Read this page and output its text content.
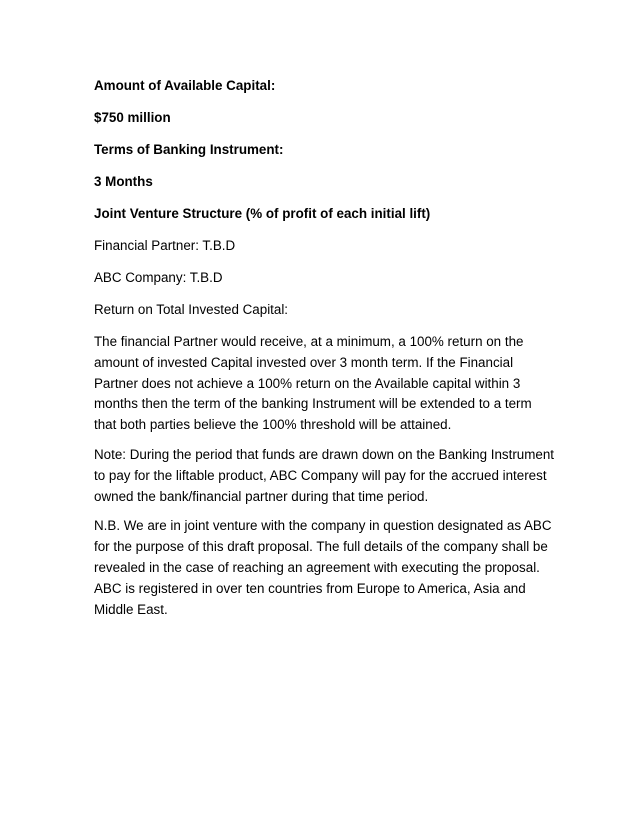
Amount of Available Capital:
$750 million
Terms of Banking Instrument:
3 Months
Joint Venture Structure (% of profit of each initial lift)
Financial Partner: T.B.D
ABC Company: T.B.D
Return on Total Invested Capital:
The financial Partner would receive, at a minimum, a 100% return on the
amount of invested Capital invested over 3 month term. If the Financial
Partner does not achieve a 100% return on the Available capital within 3
months then the term of the banking Instrument will be extended to a term
that both parties believe the 100% threshold will be attained.
Note: During the period that funds are drawn down on the Banking Instrument
to pay for the liftable product, ABC Company will pay for the accrued interest
owned the bank/financial partner during that time period.
N.B. We are in joint venture with the company in question designated as ABC
for the purpose of this draft proposal. The full details of the company shall be
revealed in the case of reaching an agreement with executing the proposal.
ABC is registered in over ten countries from Europe to America, Asia and
Middle East.
